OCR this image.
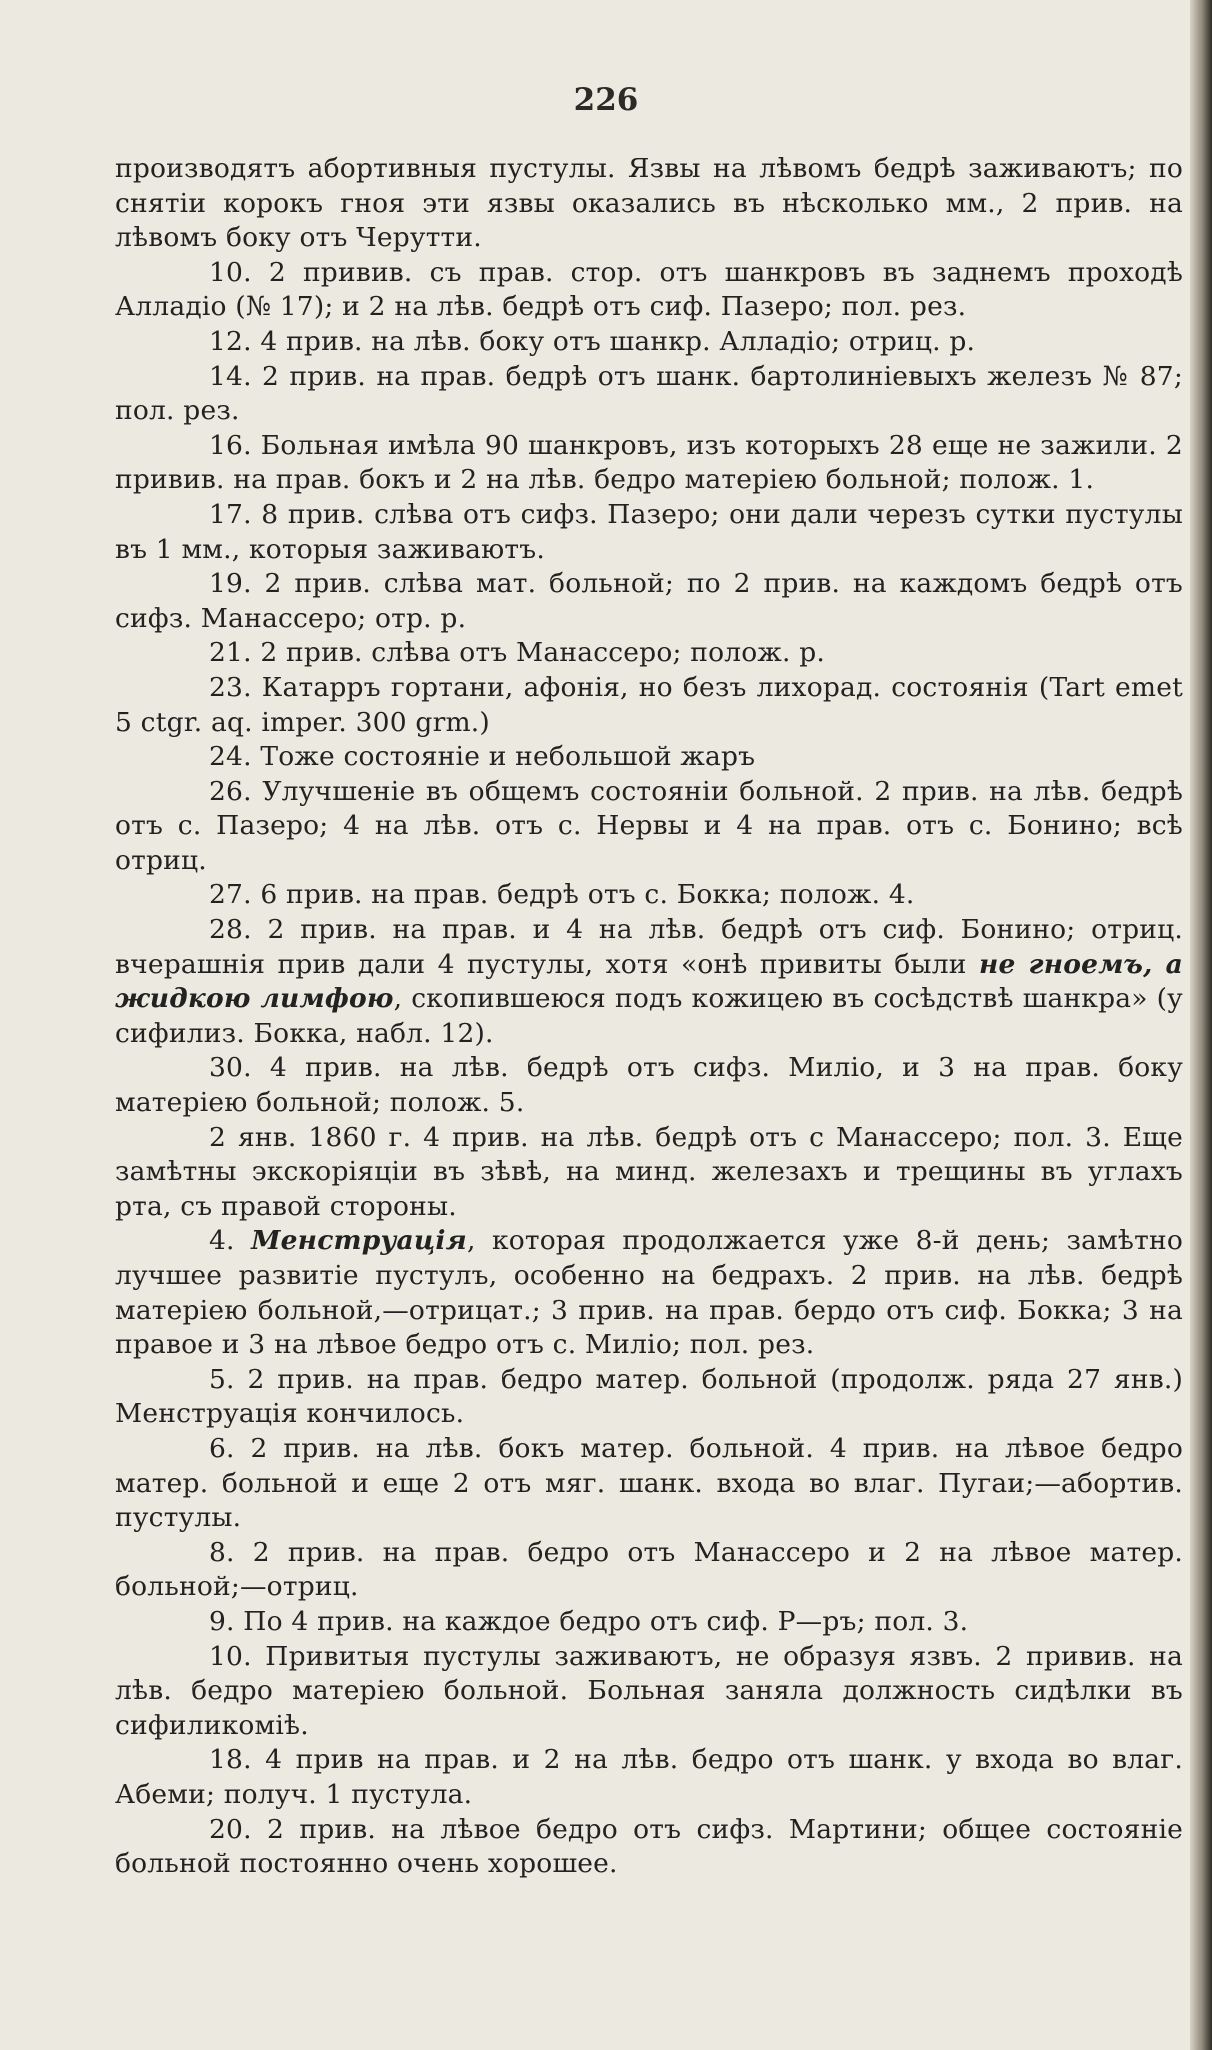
226

производятъ абортивныя пустулы. Язвы на лѣвомъ бедрѣ заживаютъ; по снятіи корокъ гноя эти язвы оказались въ нѣсколько мм., 2 прив. на лѣвомъ боку отъ Черутти.

10. 2 привив. съ прав. стор. отъ шанкровъ въ заднемъ проходѣ Алладіо (№ 17); и 2 на лѣв. бедрѣ отъ сиф. Пазеро; пол. рез.

12. 4 прив. на лѣв. боку отъ шанкр. Алладіо; отриц. р.

14. 2 прив. на прав. бедрѣ отъ шанк. бартолиніевыхъ железъ № 87; пол. рез.

16. Больная имѣла 90 шанкровъ, изъ которыхъ 28 еще не зажили. 2 привив. на прав. бокъ и 2 на лѣв. бедро матеріею больной; полож. 1.

17. 8 прив. слѣва отъ сифз. Пазеро; они дали черезъ сутки пустулы въ 1 мм., которыя заживаютъ.

19. 2 прив. слѣва мат. больной; по 2 прив. на каждомъ бедрѣ отъ сифз. Манассеро; отр. р.

21. 2 прив. слѣва отъ Манассеро; полож. р.

23. Катарръ гортани, афонія, но безъ лихорад. состоянія (Tart emet 5 ctgr. aq. imper. 300 grm.)

24. Тоже состояніе и небольшой жаръ

26. Улучшеніе въ общемъ состояніи больной. 2 прив. на лѣв. бедрѣ отъ с. Пазеро; 4 на лѣв. отъ с. Нервы и 4 на прав. отъ с. Бонино; всѣ отриц.

27. 6 прив. на прав. бедрѣ отъ с. Бокка; полож. 4.

28. 2 прив. на прав. и 4 на лѣв. бедрѣ отъ сиф. Бонино; отриц. вчерашнія прив дали 4 пустулы, хотя «онѣ привиты были не гноемъ, а жидкою лимфою, скопившеюся подъ кожицею въ сосѣдствѣ шанкра» (у сифилиз. Бокка, набл. 12).

30. 4 прив. на лѣв. бедрѣ отъ сифз. Миліо, и 3 на прав. боку матеріею больной; полож. 5.

2 янв. 1860 г. 4 прив. на лѣв. бедрѣ отъ с Манассеро; пол. 3. Еще замѣтны экскоріяціи въ зѣвѣ, на минд. железахъ и трещины въ углахъ рта, съ правой стороны.

4. Менструація, которая продолжается уже 8-й день; замѣтно лучшее развитіе пустулъ, особенно на бедрахъ. 2 прив. на лѣв. бедрѣ матеріею больной,—отрицат.; 3 прив. на прав. бердо отъ сиф. Бокка; 3 на правое и 3 на лѣвое бедро отъ с. Миліо; пол. рез.

5. 2 прив. на прав. бедро матер. больной (продолж. ряда 27 янв.) Менструація кончилось.

6. 2 прив. на лѣв. бокъ матер. больной. 4 прив. на лѣвое бедро матер. больной и еще 2 отъ мяг. шанк. входа во влаг. Пугаи;—абортив. пустулы.

8. 2 прив. на прав. бедро отъ Манассеро и 2 на лѣвое матер. больной;—отриц.

9. По 4 прив. на каждое бедро отъ сиф. Р—ръ; пол. 3.

10. Привитыя пустулы заживаютъ, не образуя язвъ. 2 привив. на лѣв. бедро матеріею больной. Больная заняла должность сидѣлки въ сифиликомiѣ.

18. 4 прив на прав. и 2 на лѣв. бедро отъ шанк. у входа во влаг. Абеми; получ. 1 пустула.

20. 2 прив. на лѣвое бедро отъ сифз. Мартини; общее состояніе больной постоянно очень хорошее.
